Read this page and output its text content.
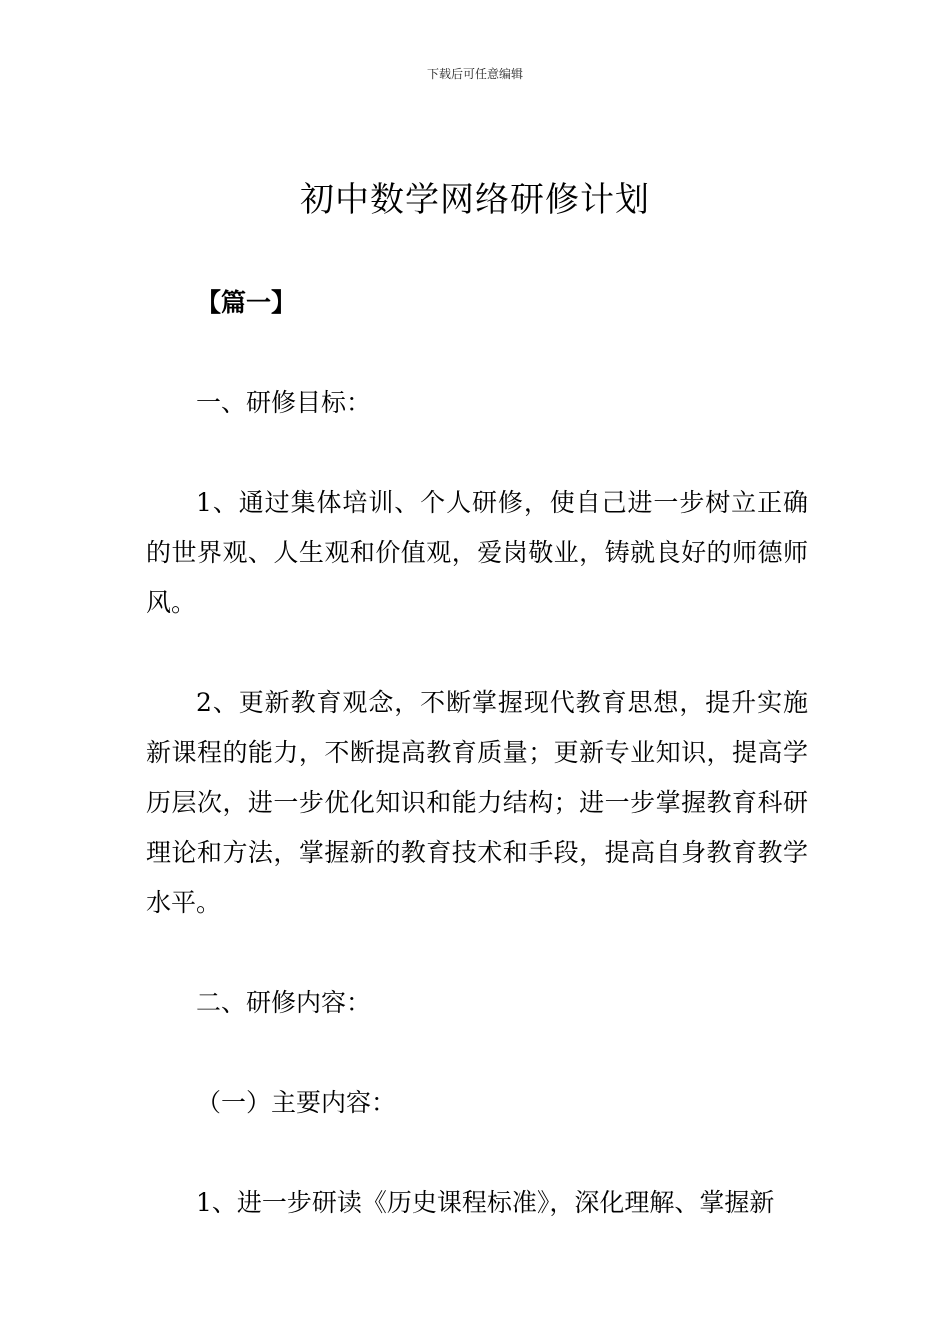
下载后可任意编辑
初中数学网络研修计划

【篇一】

一、研修目标：

1、通过集体培训、个人研修，使自己进一步树立正确的世界观、人生观和价值观，爱岗敬业，铸就良好的师德师风。

2、更新教育观念，不断掌握现代教育思想，提升实施新课程的能力，不断提高教育质量；更新专业知识，提高学历层次，进一步优化知识和能力结构；进一步掌握教育科研理论和方法，掌握新的教育技术和手段，提高自身教育教学水平。

二、研修内容：

（一）主要内容：

1、进一步研读《历史课程标准》，深化理解、掌握新
